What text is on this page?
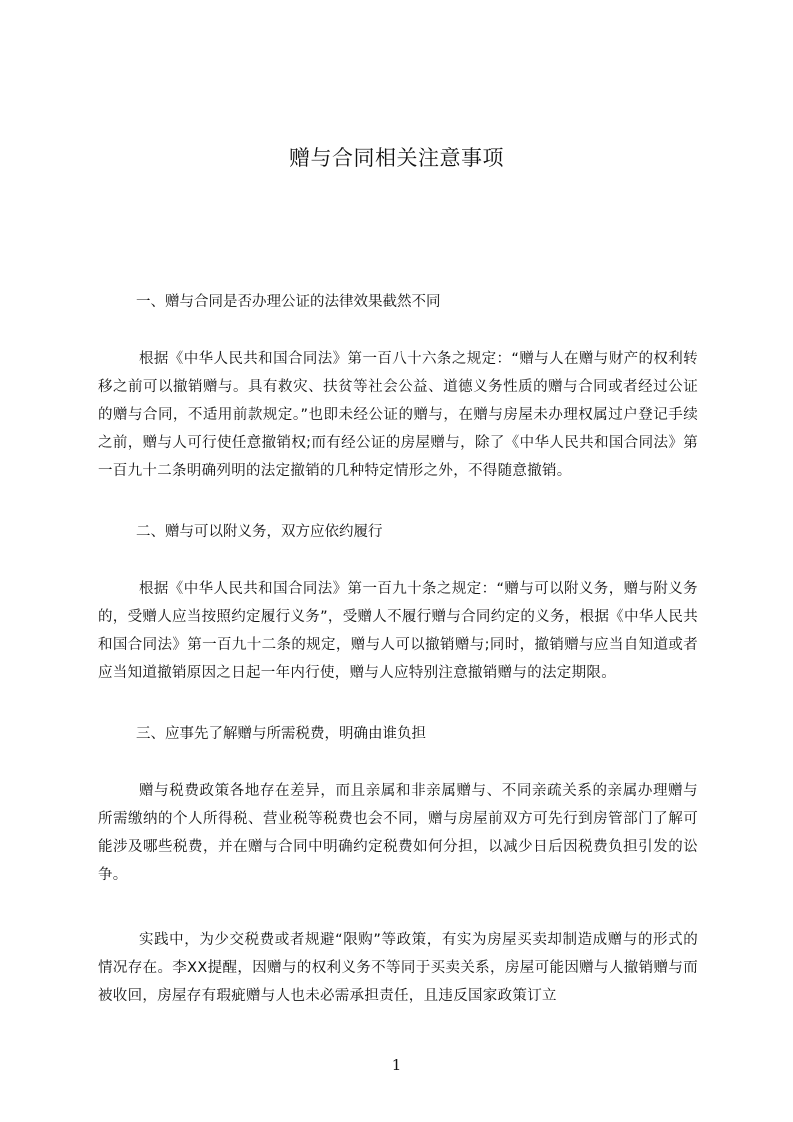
赠与合同相关注意事项

一、赠与合同是否办理公证的法律效果截然不同

根据《中华人民共和国合同法》第一百八十六条之规定：“赠与人在赠与财产的权利转移之前可以撤销赠与。具有救灾、扶贫等社会公益、道德义务性质的赠与合同或者经过公证的赠与合同，不适用前款规定。”也即未经公证的赠与，在赠与房屋未办理权属过户登记手续之前，赠与人可行使任意撤销权;而有经公证的房屋赠与，除了《中华人民共和国合同法》第一百九十二条明确列明的法定撤销的几种特定情形之外，不得随意撤销。

二、赠与可以附义务，双方应依约履行

根据《中华人民共和国合同法》第一百九十条之规定：“赠与可以附义务，赠与附义务的，受赠人应当按照约定履行义务”，受赠人不履行赠与合同约定的义务，根据《中华人民共和国合同法》第一百九十二条的规定，赠与人可以撤销赠与;同时，撤销赠与应当自知道或者应当知道撤销原因之日起一年内行使，赠与人应特别注意撤销赠与的法定期限。

三、应事先了解赠与所需税费，明确由谁负担

赠与税费政策各地存在差异，而且亲属和非亲属赠与、不同亲疏关系的亲属办理赠与所需缴纳的个人所得税、营业税等税费也会不同，赠与房屋前双方可先行到房管部门了解可能涉及哪些税费，并在赠与合同中明确约定税费如何分担，以减少日后因税费负担引发的讼争。

实践中，为少交税费或者规避“限购”等政策，有实为房屋买卖却制造成赠与的形式的情况存在。李XX提醒，因赠与的权利义务不等同于买卖关系，房屋可能因赠与人撤销赠与而被收回，房屋存有瑕疵赠与人也未必需承担责任，且违反国家政策订立

1
